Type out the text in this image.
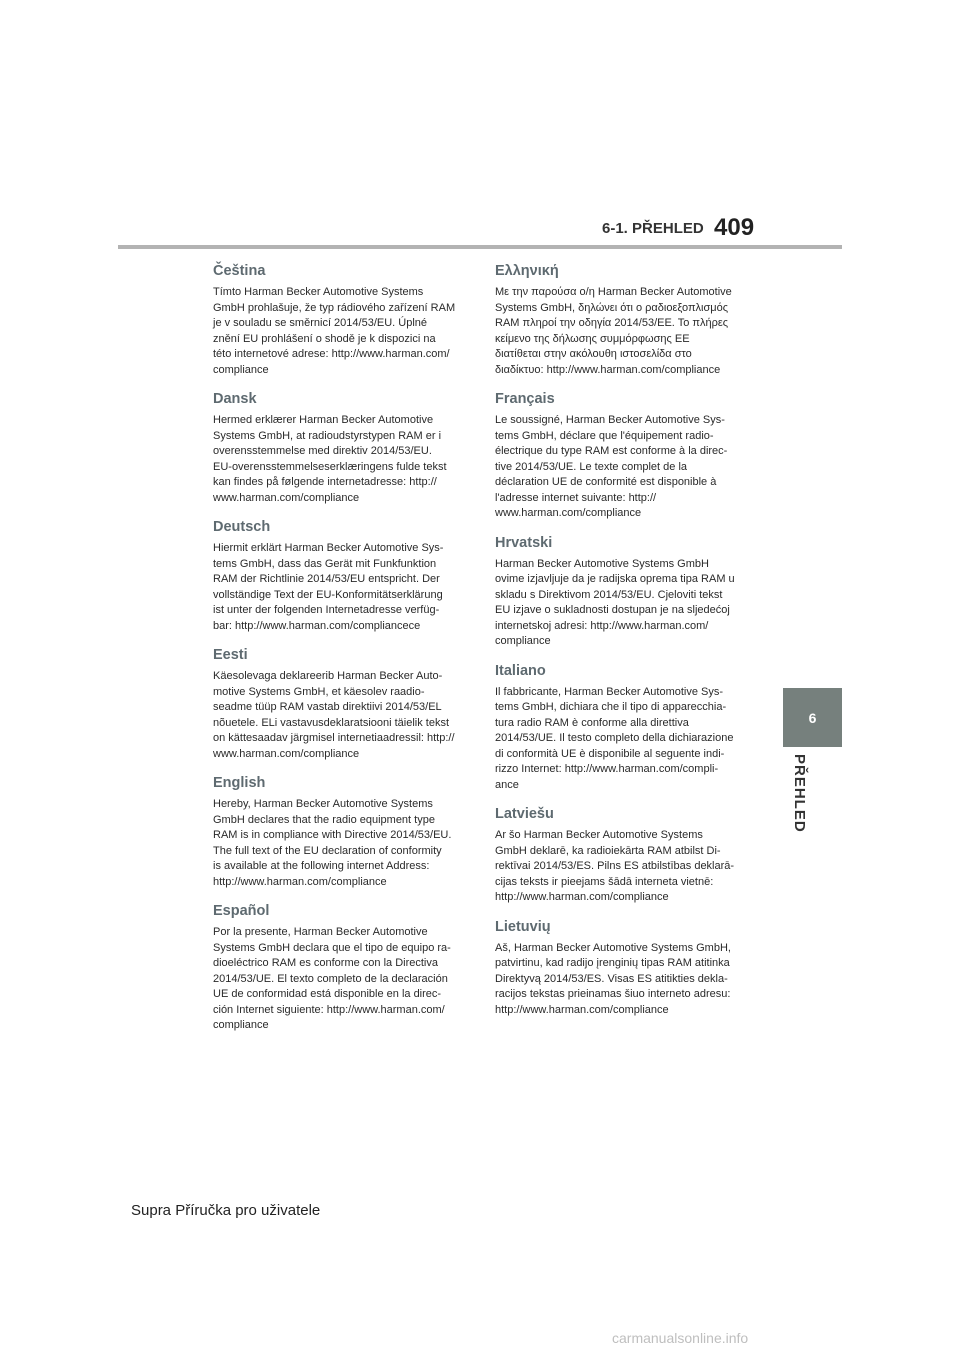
6-1. PŘEHLED 409
6
PŘEHLED
Čeština

Tímto Harman Becker Automotive Systems
GmbH prohlašuje, že typ rádiového zařízení RAM
je v souladu se směrnicí 2014/53/EU. Úplné
znění EU prohlášení o shodě je k dispozici na
této internetové adrese: http://www.harman.com/
compliance

Dansk

Hermed erklærer Harman Becker Automotive
Systems GmbH, at radioudstyrstypen RAM er i
overensstemmelse med direktiv 2014/53/EU.
EU-overensstemmelseserklæringens fulde tekst
kan findes på følgende internetadresse: http://
www.harman.com/compliance

Deutsch

Hiermit erklärt Harman Becker Automotive Sys-
tems GmbH, dass das Gerät mit Funkfunktion
RAM der Richtlinie 2014/53/EU entspricht. Der
vollständige Text der EU-Konformitätserklärung
ist unter der folgenden Internetadresse verfüg-
bar: http://www.harman.com/compliancece

Eesti

Käesolevaga deklareerib Harman Becker Auto-
motive Systems GmbH, et käesolev raadio-
seadme tüüp RAM vastab direktiivi 2014/53/EL
nõuetele. ELi vastavusdeklaratsiooni täielik tekst
on kättesaadav järgmisel internetiaadressil: http://
www.harman.com/compliance

English

Hereby, Harman Becker Automotive Systems
GmbH declares that the radio equipment type
RAM is in compliance with Directive 2014/53/EU.
The full text of the EU declaration of conformity
is available at the following internet Address:
http://www.harman.com/compliance

Español

Por la presente, Harman Becker Automotive
Systems GmbH declara que el tipo de equipo ra-
dioeléctrico RAM es conforme con la Directiva
2014/53/UE. El texto completo de la declaración
UE de conformidad está disponible en la direc-
ción Internet siguiente: http://www.harman.com/
compliance

Ελληνική

Με την παρούσα ο/η Harman Becker Automotive
Systems GmbH, δηλώνει ότι ο ραδιοεξοπλισμός
RAM πληροί την οδηγία 2014/53/ΕΕ. Το πλήρες
κείμενο της δήλωσης συμμόρφωσης ΕΕ
διατίθεται στην ακόλουθη ιστοσελίδα στο
διαδίκτυο: http://www.harman.com/compliance

Français

Le soussigné, Harman Becker Automotive Sys-
tems GmbH, déclare que l'équipement radio-
électrique du type RAM est conforme à la direc-
tive 2014/53/UE. Le texte complet de la
déclaration UE de conformité est disponible à
l'adresse internet suivante: http://
www.harman.com/compliance

Hrvatski

Harman Becker Automotive Systems GmbH
ovime izjavljuje da je radijska oprema tipa RAM u
skladu s Direktivom 2014/53/EU. Cjeloviti tekst
EU izjave o sukladnosti dostupan je na sljedećoj
internetskoj adresi: http://www.harman.com/
compliance

Italiano

Il fabbricante, Harman Becker Automotive Sys-
tems GmbH, dichiara che il tipo di apparecchia-
tura radio RAM è conforme alla direttiva
2014/53/UE. Il testo completo della dichiarazione
di conformità UE è disponibile al seguente indi-
rizzo Internet: http://www.harman.com/compli-
ance

Latviešu

Ar šo Harman Becker Automotive Systems
GmbH deklarē, ka radioiekārta RAM atbilst Di-
rektīvai 2014/53/ES. Pilns ES atbilstības deklarā-
cijas teksts ir pieejams šādā interneta vietnē:
http://www.harman.com/compliance

Lietuvių

Aš, Harman Becker Automotive Systems GmbH,
patvirtinu, kad radijo įrenginių tipas RAM atitinka
Direktyvą 2014/53/ES. Visas ES atitikties dekla-
racijos tekstas prieinamas šiuo interneto adresu:
http://www.harman.com/compliance

Supra Příručka pro uživatele
carmanualsonline.info
